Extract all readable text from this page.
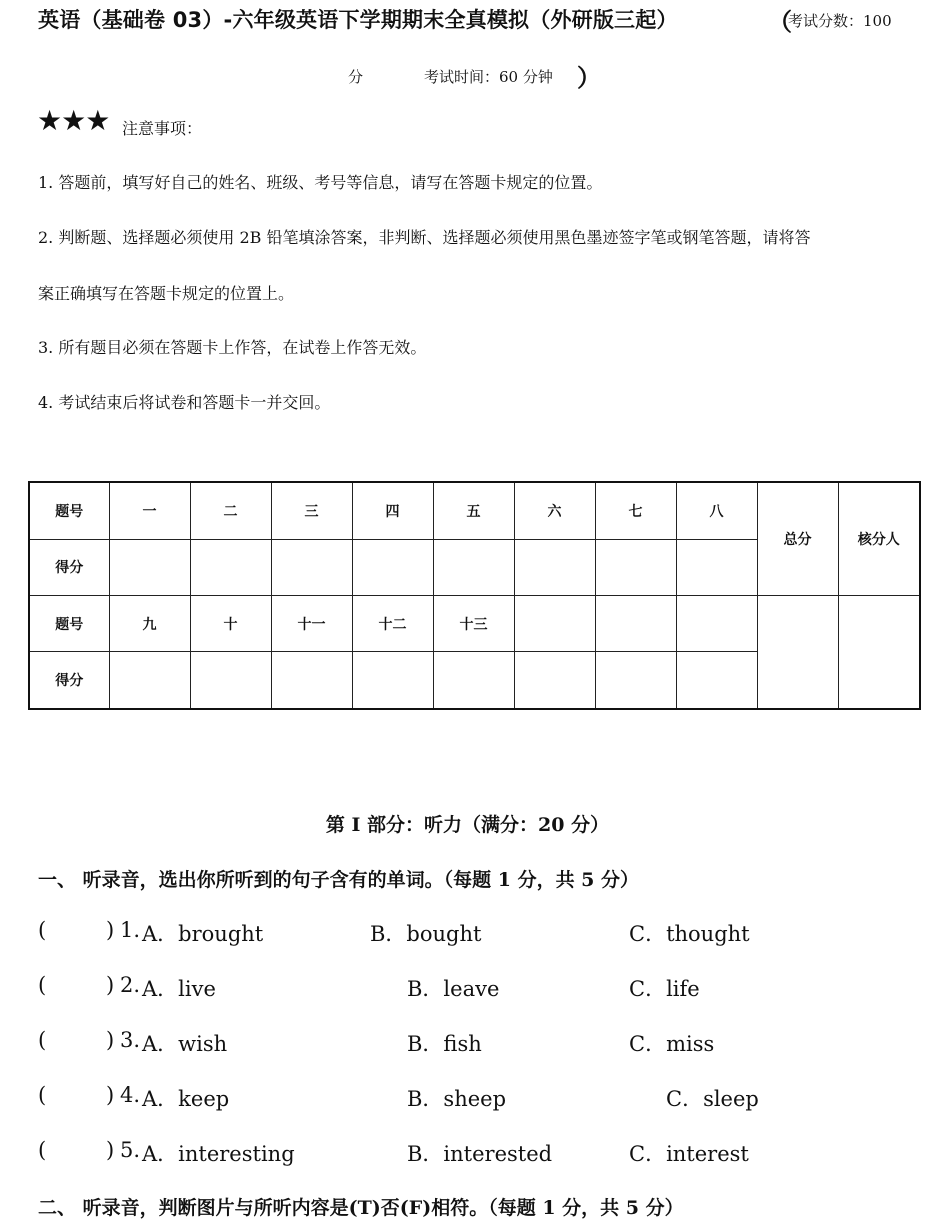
英语（基础卷 03）-六年级英语下学期期末全真模拟（外研版三起）	（
考试分数：100
分	考试时间：60 分钟 ）
★★★ 注意事项：
1. 答题前，填写好自己的姓名、班级、考号等信息，请写在答题卡规定的位置。
2. 判断题、选择题必须使用 2B 铅笔填涂答案，非判断、选择题必须使用黑色墨迹签字笔或钢笔答题，请将答
案正确填写在答题卡规定的位置上。
3. 所有题目必须在答题卡上作答，在试卷上作答无效。
4. 考试结束后将试卷和答题卡一并交回。
题号	一	二	三	四	五	六	七	八	总分	核分人
得分										
题号	九	十	十一	十二	十三					
得分										
第 Ⅰ 部分：听力（满分：20 分）
一、 听录音，选出你所听到的句子含有的单词。（每题 1 分，共 5 分）
(	) 1. A．brought	B．bought	C．thought
(	) 2. A．live	B．leave	C．life
(	) 3. A．wish	B．fish	C．miss
(	) 4. A．keep	B．sheep	C．sleep
(	) 5. A．interesting	B．interested	C．interest
二、 听录音，判断图片与所听内容是(T)否(F)相符。（每题 1 分，共 5 分）
